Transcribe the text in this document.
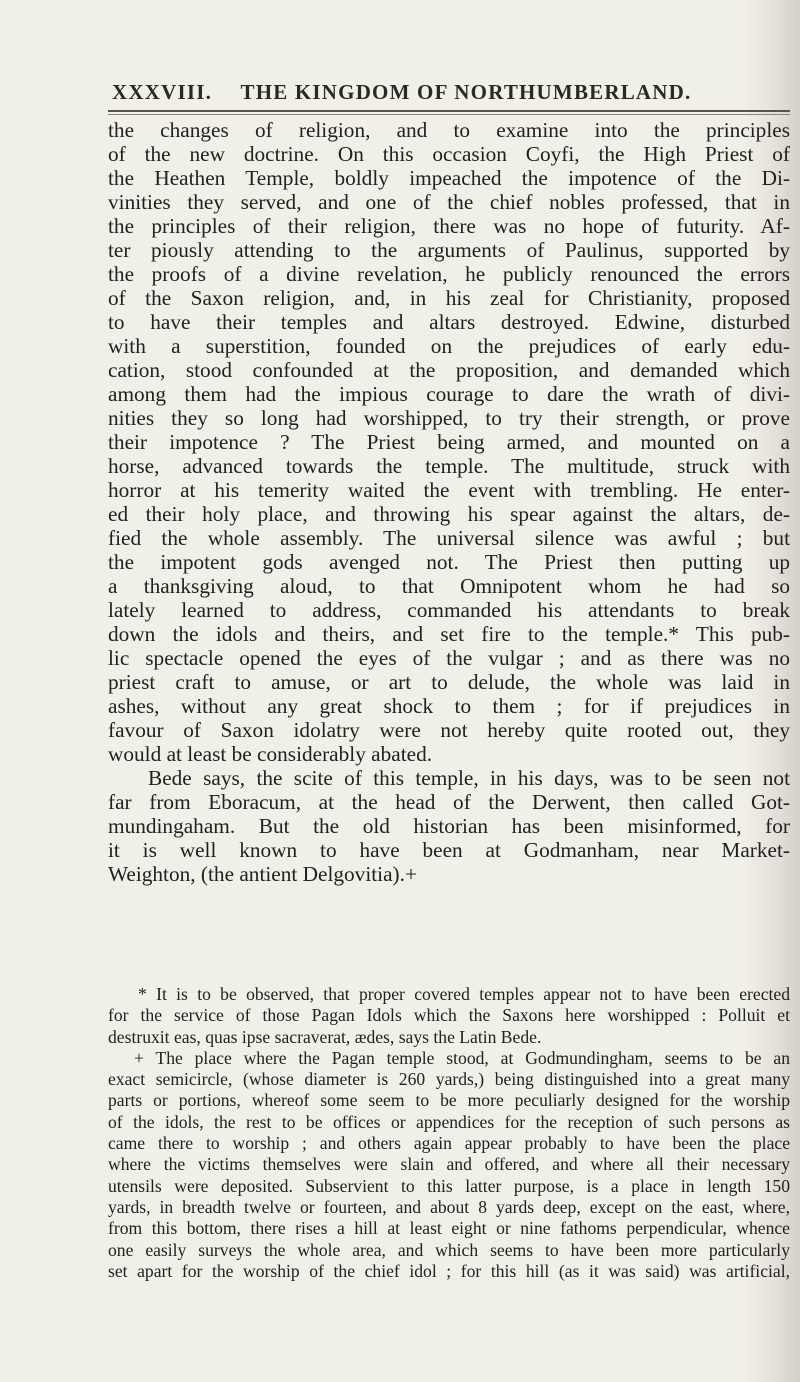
XXXVIII. THE KINGDOM OF NORTHUMBERLAND.
the changes of religion, and to examine into the principles
of the new doctrine. On this occasion Coyfi, the High Priest of
the Heathen Temple, boldly impeached the impotence of the Di-
vinities they served, and one of the chief nobles professed, that in
the principles of their religion, there was no hope of futurity. Af-
ter piously attending to the arguments of Paulinus, supported by
the proofs of a divine revelation, he publicly renounced the errors
of the Saxon religion, and, in his zeal for Christianity, proposed
to have their temples and altars destroyed. Edwine, disturbed
with a superstition, founded on the prejudices of early edu-
cation, stood confounded at the proposition, and demanded which
among them had the impious courage to dare the wrath of divi-
nities they so long had worshipped, to try their strength, or prove
their impotence ? The Priest being armed, and mounted on a
horse, advanced towards the temple. The multitude, struck with
horror at his temerity waited the event with trembling. He enter-
ed their holy place, and throwing his spear against the altars, de-
fied the whole assembly. The universal silence was awful ; but
the impotent gods avenged not. The Priest then putting up
a thanksgiving aloud, to that Omnipotent whom he had so
lately learned to address, commanded his attendants to break
down the idols and theirs, and set fire to the temple.* This pub-
lic spectacle opened the eyes of the vulgar ; and as there was no
priest craft to amuse, or art to delude, the whole was laid in
ashes, without any great shock to them ; for if prejudices in
favour of Saxon idolatry were not hereby quite rooted out, they
would at least be considerably abated.
Bede says, the scite of this temple, in his days, was to be seen not
far from Eboracum, at the head of the Derwent, then called Got-
mundingaham. But the old historian has been misinformed, for
it is well known to have been at Godmanham, near Market-
Weighton, (the antient Delgovitia).+
* It is to be observed, that proper covered temples appear not to have been erected
for the service of those Pagan Idols which the Saxons here worshipped : Polluit et
destruxit eas, quas ipse sacraverat, ædes, says the Latin Bede.
+ The place where the Pagan temple stood, at Godmundingham, seems to be an
exact semicircle, (whose diameter is 260 yards,) being distinguished into a great many
parts or portions, whereof some seem to be more peculiarly designed for the worship
of the idols, the rest to be offices or appendices for the reception of such persons as
came there to worship ; and others again appear probably to have been the place
where the victims themselves were slain and offered, and where all their necessary
utensils were deposited. Subservient to this latter purpose, is a place in length 150
yards, in breadth twelve or fourteen, and about 8 yards deep, except on the east, where,
from this bottom, there rises a hill at least eight or nine fathoms perpendicular, whence
one easily surveys the whole area, and which seems to have been more particularly
set apart for the worship of the chief idol ; for this hill (as it was said) was artificial,
